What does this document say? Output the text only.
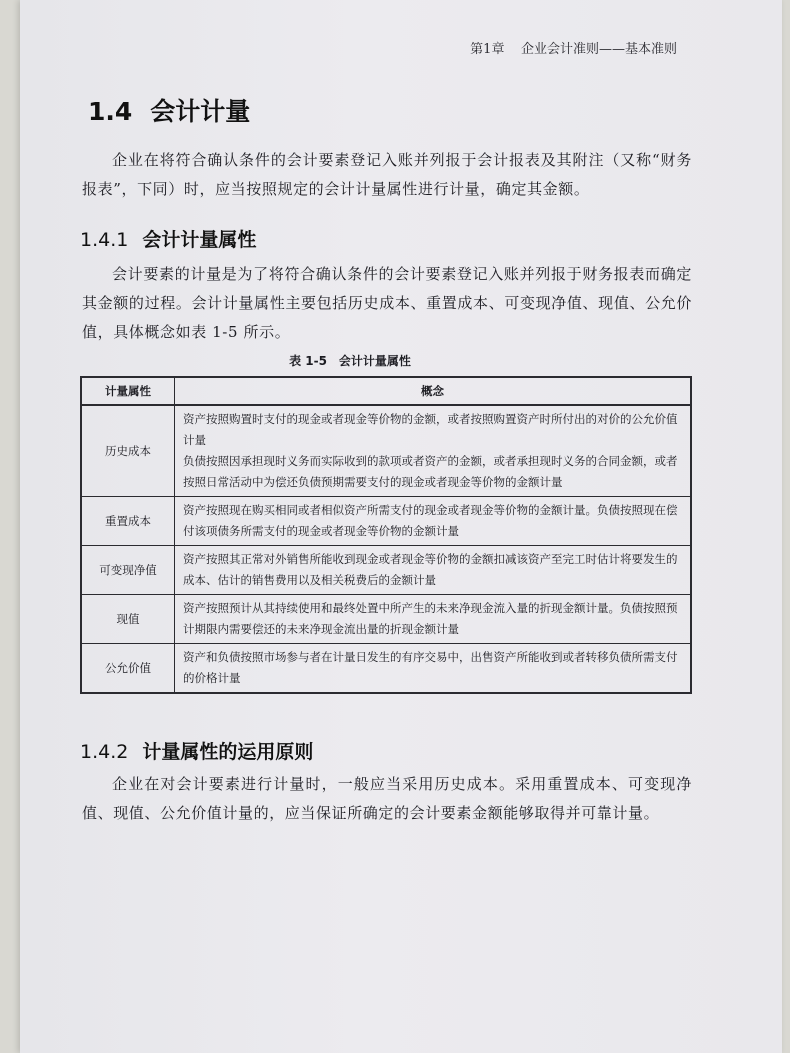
第1章 企业会计准则——基本准则
1.4 会计计量
企业在将符合确认条件的会计要素登记入账并列报于会计报表及其附注（又称“财务报表”，下同）时，应当按照规定的会计计量属性进行计量，确定其金额。
1.4.1 会计计量属性
会计要素的计量是为了将符合确认条件的会计要素登记入账并列报于财务报表而确定其金额的过程。会计计量属性主要包括历史成本、重置成本、可变现净值、现值、公允价值，具体概念如表 1-5 所示。
表 1-5　会计计量属性
计量属性	概念
历史成本	资产按照购置时支付的现金或者现金等价物的金额，或者按照购置资产时所付出的对价的公允价值计量
负债按照因承担现时义务而实际收到的款项或者资产的金额，或者承担现时义务的合同金额，或者按照日常活动中为偿还负债预期需要支付的现金或者现金等价物的金额计量

重置成本	资产按照现在购买相同或者相似资产所需支付的现金或者现金等价物的金额计量。负债按照现在偿付该项债务所需支付的现金或者现金等价物的金额计量

可变现净值	资产按照其正常对外销售所能收到现金或者现金等价物的金额扣减该资产至完工时估计将要发生的成本、估计的销售费用以及相关税费后的金额计量

现值	资产按照预计从其持续使用和最终处置中所产生的未来净现金流入量的折现金额计量。负债按照预计期限内需要偿还的未来净现金流出量的折现金额计量

公允价值	资产和负债按照市场参与者在计量日发生的有序交易中，出售资产所能收到或者转移负债所需支付的价格计量
1.4.2 计量属性的运用原则
企业在对会计要素进行计量时，一般应当采用历史成本。采用重置成本、可变现净值、现值、公允价值计量的，应当保证所确定的会计要素金额能够取得并可靠计量。
